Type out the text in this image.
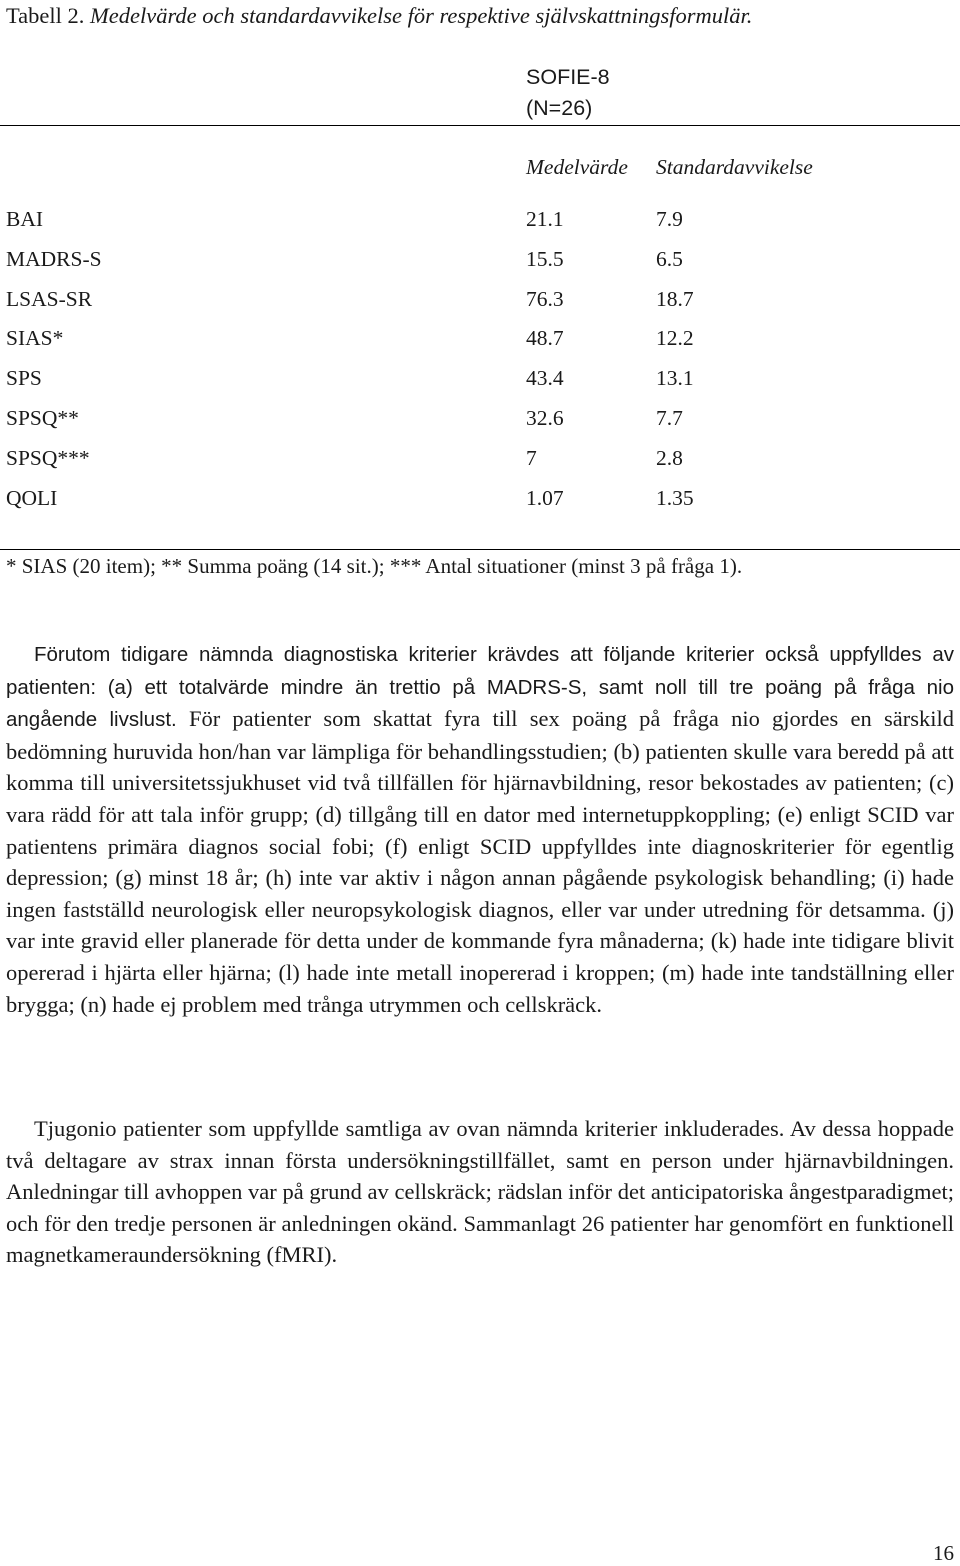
Tabell 2. Medelvärde och standardavvikelse för respektive självskattningsformulär.
SOFIE-8
(N=26)
Medelvärde Standardavvikelse
BAI	21.1	7.9
MADRS-S	15.5	6.5
LSAS-SR	76.3	18.7
SIAS*	48.7	12.2
SPS	43.4	13.1
SPSQ**	32.6	7.7
SPSQ***	7	2.8
QOLI	1.07	1.35
* SIAS (20 item); ** Summa poäng (14 sit.); *** Antal situationer (minst 3 på fråga 1).

Förutom tidigare nämnda diagnostiska kriterier krävdes att följande kriterier också uppfylldes av patienten: (a) ett totalvärde mindre än trettio på MADRS-S, samt noll till tre poäng på fråga nio angående livslust. För patienter som skattat fyra till sex poäng på fråga nio gjordes en särskild bedömning huruvida hon/han var lämpliga för behandlingsstudien; (b) patienten skulle vara beredd på att komma till universitetssjukhuset vid två tillfällen för hjärnavbildning, resor bekostades av patienten; (c) vara rädd för att tala inför grupp; (d) tillgång till en dator med internetuppkoppling; (e) enligt SCID var patientens primära diagnos social fobi; (f) enligt SCID uppfylldes inte diagnoskriterier för egentlig depression; (g) minst 18 år; (h) inte var aktiv i någon annan pågående psykologisk behandling; (i) hade ingen fastställd neurologisk eller neuropsykologisk diagnos, eller var under utredning för detsamma. (j) var inte gravid eller planerade för detta under de kommande fyra månaderna; (k) hade inte tidigare blivit opererad i hjärta eller hjärna; (l) hade inte metall inopererad i kroppen; (m) hade inte tandställning eller brygga; (n) hade ej problem med trånga utrymmen och cellskräck.

Tjugonio patienter som uppfyllde samtliga av ovan nämnda kriterier inkluderades. Av dessa hoppade två deltagare av strax innan första undersökningstillfället, samt en person under hjärnavbildningen. Anledningar till avhoppen var på grund av cellskräck; rädslan inför det anticipatoriska ångestparadigmet; och för den tredje personen är anledningen okänd. Sammanlagt 26 patienter har genomfört en funktionell magnetkameraundersökning (fMRI).

16
